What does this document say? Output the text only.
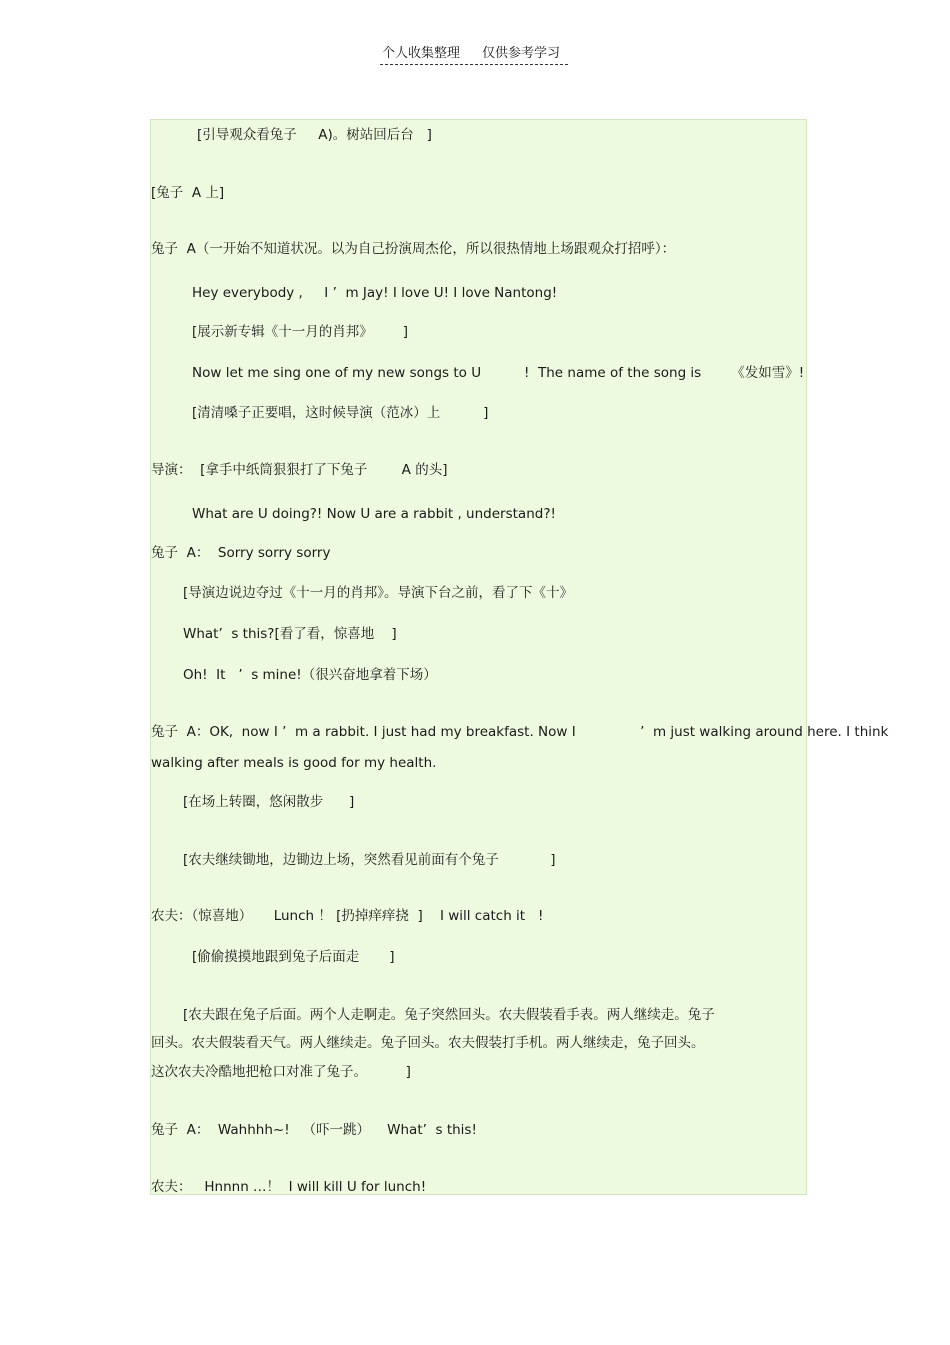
个人收集整理 仅供参考学习
[引导观众看兔子     A)。树站回后台   ]
[兔子  A 上]
兔子  A（一开始不知道状况。以为自己扮演周杰伦，所以很热情地上场跟观众打招呼）：
Hey everybody ,     I ’  m Jay! I love U! I love Nantong!
[展示新专辑《十一月的肖邦》       ]
Now let me sing one of my new songs to U          !  The name of the song is       《发如雪》!
[清清嗓子正要唱，这时候导演（范冰）上          ]
导演：  [拿手中纸筒狠狠打了下兔子        A 的头]
What are U doing?! Now U are a rabbit , understand?!
兔子  A：  Sorry sorry sorry
[导演边说边夺过《十一月的肖邦》。导演下台之前，看了下《十》
What’  s this?[看了看，惊喜地    ]
Oh!  It   ’  s mine!（很兴奋地拿着下场）
兔子  A：OK,  now I ’  m a rabbit. I just had my breakfast. Now I               ’  m just walking around here. I think
walking after meals is good for my health.
[在场上转圈，悠闲散步      ]
[农夫继续锄地，边锄边上场，突然看见前面有个兔子            ]
农夫：（惊喜地）     Lunch ！ [扔掉痒痒挠  ]    I will catch it   !
[偷偷摸摸地跟到兔子后面走       ]
[农夫跟在兔子后面。两个人走啊走。兔子突然回头。农夫假装看手表。两人继续走。兔子
回头。农夫假装看天气。两人继续走。兔子回头。农夫假装打手机。两人继续走，兔子回头。
这次农夫冷酷地把枪口对准了兔子。         ]
兔子  A：  Wahhhh~!   （吓一跳）    What’  s this!
农夫：   Hnnnn …！  I will kill U for lunch!
